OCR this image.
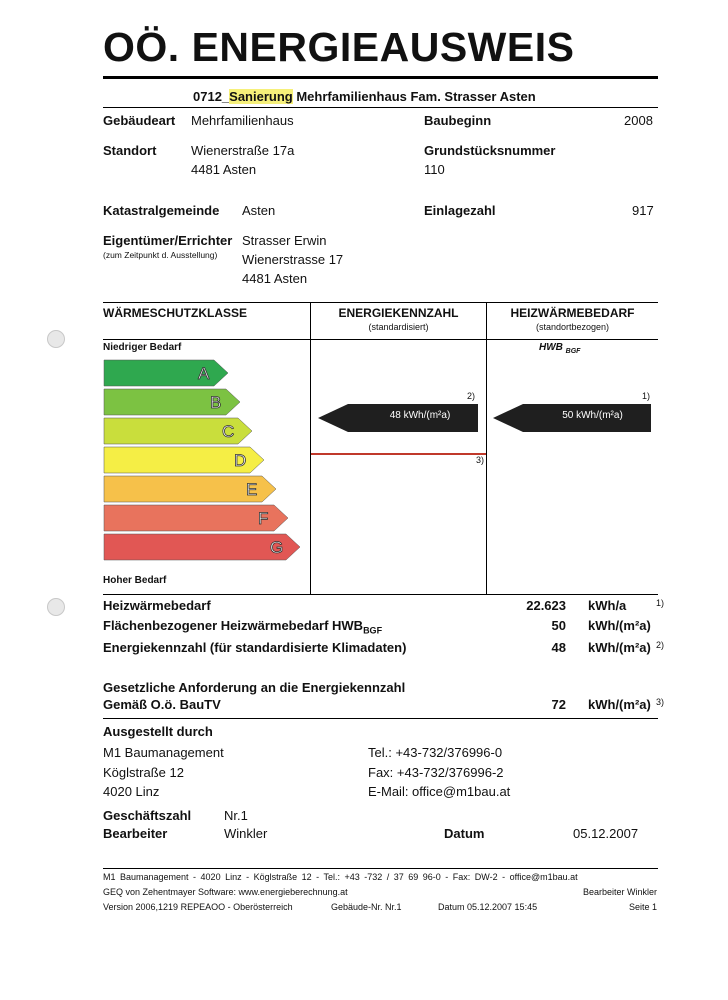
OÖ. ENERGIEAUSWEIS
0712_Sanierung Mehrfamilienhaus Fam. Strasser Asten
Gebäudeart Mehrfamilienhaus	Baubeginn	2008
Standort	Wienerstraße 17a
4481 Asten
Grundstücksnummer
110
Katastralgemeinde Asten	Einlagezahl	917
Eigentümer/Errichter
(zum Zeitpunkt d. Ausstellung)
Strasser Erwin
Wienerstrasse 17
4481 Asten
WÄRMESCHUTZKLASSE	ENERGIEKENNZAHL
(standardisiert)
HEIZWÄRMEBEDARF
(standortbezogen)
HWB $_{BGF}$
Niedriger Bedarf
Hoher Bedarf
A
B
C
D
E
F
G
48 kWh/(m²a)
2)
3)
50 kWh/(m²a)
1)
Heizwärmebedarf	22.623 kWh/a	1)
Flächenbezogener Heizwärmebedarf $HWB_{BGF}$	50 kWh/(m²a)
Energiekennzahl (für standardisierte Klimadaten)	48 kWh/(m²a) 2)
Gesetzliche Anforderung an die Energiekennzahl
Gemäß O.ö. BauTV	72 kWh/(m²a) 3)
Ausgestellt durch
M1 Baumanagement
Köglstraße 12
4020 Linz
Tel.: +43-732/376996-0
Fax: +43-732/376996-2
E-Mail: office@m1bau.at
Geschäftszahl	Nr.1
Bearbeiter	Winkler	Datum	05.12.2007
M1 Baumanagement - 4020 Linz - Köglstraße 12 - Tel.: +43 -732 / 37 69 96-0 - Fax: DW-2 - office@m1bau.at
GEQ von Zehentmayer Software: www.energieberechnung.at	Bearbeiter Winkler
Version 2006,1219 REPEAOO - Oberösterreich	Gebäude-Nr. Nr.1	Datum 05.12.2007 15:45	Seite 1
